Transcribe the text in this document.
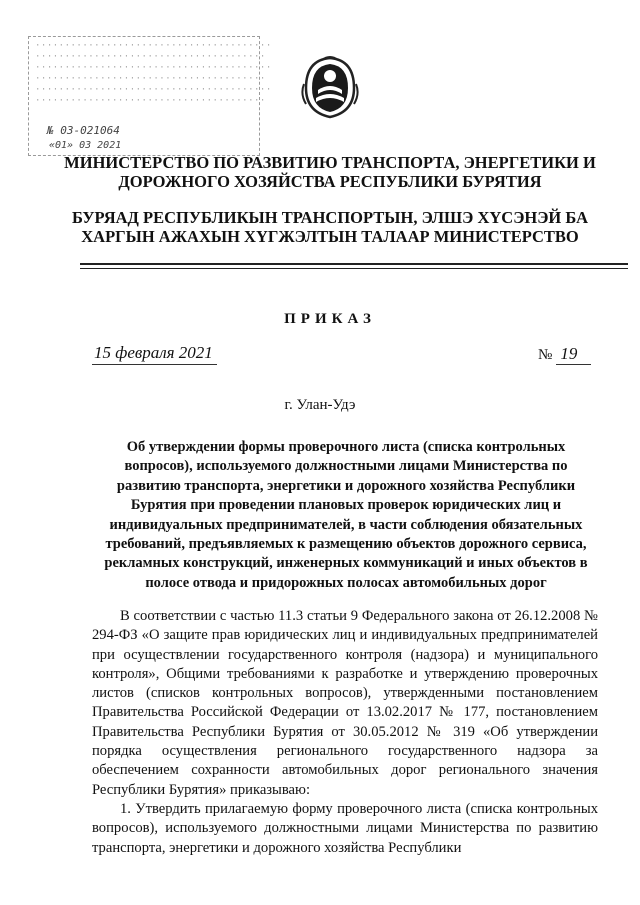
········································
·······································
········································
·······································
········································
·······································
№ 03-021064
«01» 03 2021
МИНИСТЕРСТВО ПО РАЗВИТИЮ ТРАНСПОРТА, ЭНЕРГЕТИКИ И ДОРОЖНОГО ХОЗЯЙСТВА РЕСПУБЛИКИ БУРЯТИЯ
БУРЯАД РЕСПУБЛИКЫН ТРАНСПОРТЫН, ЭЛШЭ ХҮСЭНЭЙ БА ХАРГЫН АЖАХЫН ХҮГЖЭЛТЫН ТАЛААР МИНИСТЕРСТВО
ПРИКАЗ
15 февраля 2021	№ 19
г. Улан-Удэ
Об утверждении формы проверочного листа (списка контрольных вопросов), используемого должностными лицами Министерства по развитию транспорта, энергетики и дорожного хозяйства Республики Бурятия при проведении плановых проверок юридических лиц и индивидуальных предпринимателей, в части соблюдения обязательных требований, предъявляемых к размещению объектов дорожного сервиса, рекламных конструкций, инженерных коммуникаций и иных объектов в полосе отвода и придорожных полосах автомобильных дорог

В соответствии с частью 11.3 статьи 9 Федерального закона от 26.12.2008 № 294-ФЗ «О защите прав юридических лиц и индивидуальных предпринимателей при осуществлении государственного контроля (надзора) и муниципального контроля», Общими требованиями к разработке и утверждению проверочных листов (списков контрольных вопросов), утвержденными постановлением Правительства Российской Федерации от 13.02.2017 № 177, постановлением Правительства Республики Бурятия от 30.05.2012 № 319 «Об утверждении порядка осуществления регионального государственного надзора за обеспечением сохранности автомобильных дорог регионального значения Республики Бурятия» приказываю:

1. Утвердить прилагаемую форму проверочного листа (списка контрольных вопросов), используемого должностными лицами Министерства по развитию транспорта, энергетики и дорожного хозяйства Республики
